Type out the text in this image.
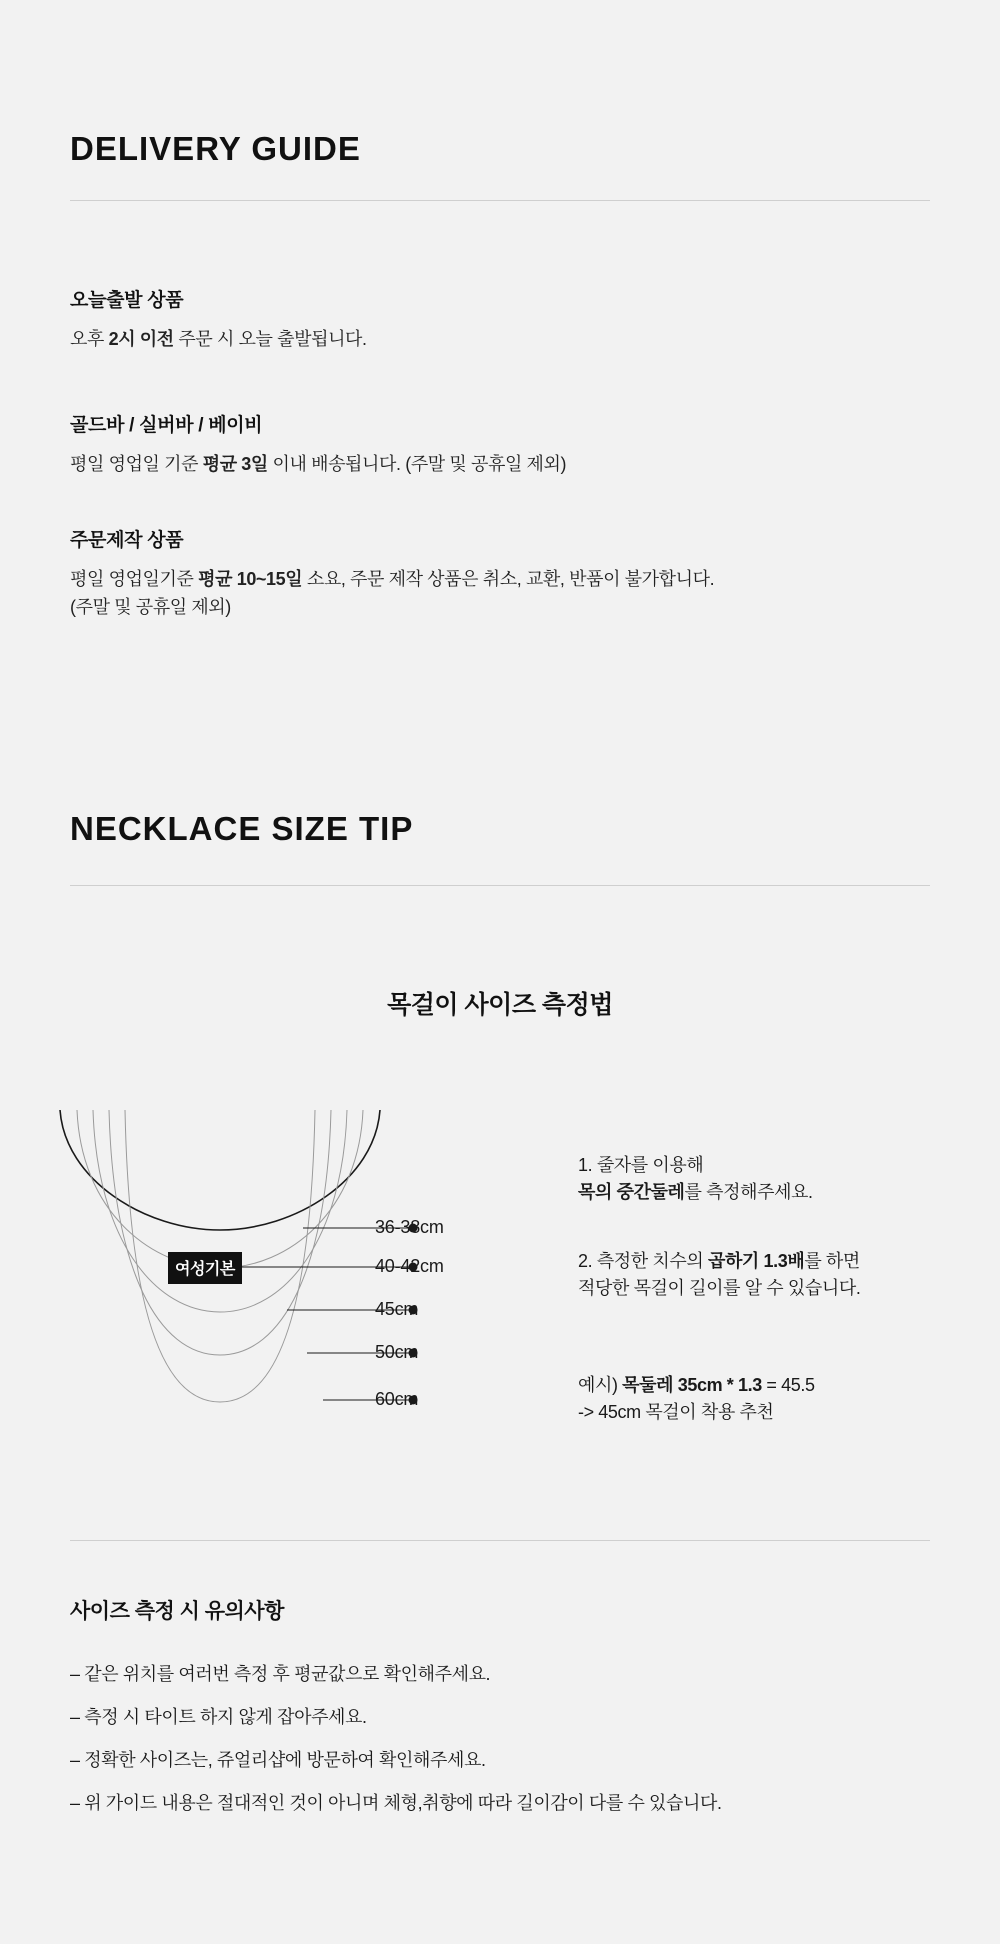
DELIVERY GUIDE
오늘출발 상품

오후 2시 이전 주문 시 오늘 출발됩니다.

골드바 / 실버바 / 베이비

평일 영업일 기준 평균 3일 이내 배송됩니다. (주말 및 공휴일 제외)

주문제작 상품

평일 영업일기준 평균 10~15일 소요, 주문 제작 상품은 취소, 교환, 반품이 불가합니다.
(주말 및 공휴일 제외)

NECKLACE SIZE TIP
목걸이 사이즈 측정법
여성기본
36-38cm
40-42cm
45cm
50cm
60cm
1. 줄자를 이용해
목의 중간둘레를 측정해주세요.
2. 측정한 치수의 곱하기 1.3배를 하면
적당한 목걸이 길이를 알 수 있습니다.
예시) 목둘레 35cm * 1.3 = 45.5
-> 45cm 목걸이 착용 추천
사이즈 측정 시 유의사항
– 같은 위치를 여러번 측정 후 평균값으로 확인해주세요.
– 측정 시 타이트 하지 않게 잡아주세요.
– 정확한 사이즈는, 쥬얼리샵에 방문하여 확인해주세요.
– 위 가이드 내용은 절대적인 것이 아니며 체형,취향에 따라 길이감이 다를 수 있습니다.
